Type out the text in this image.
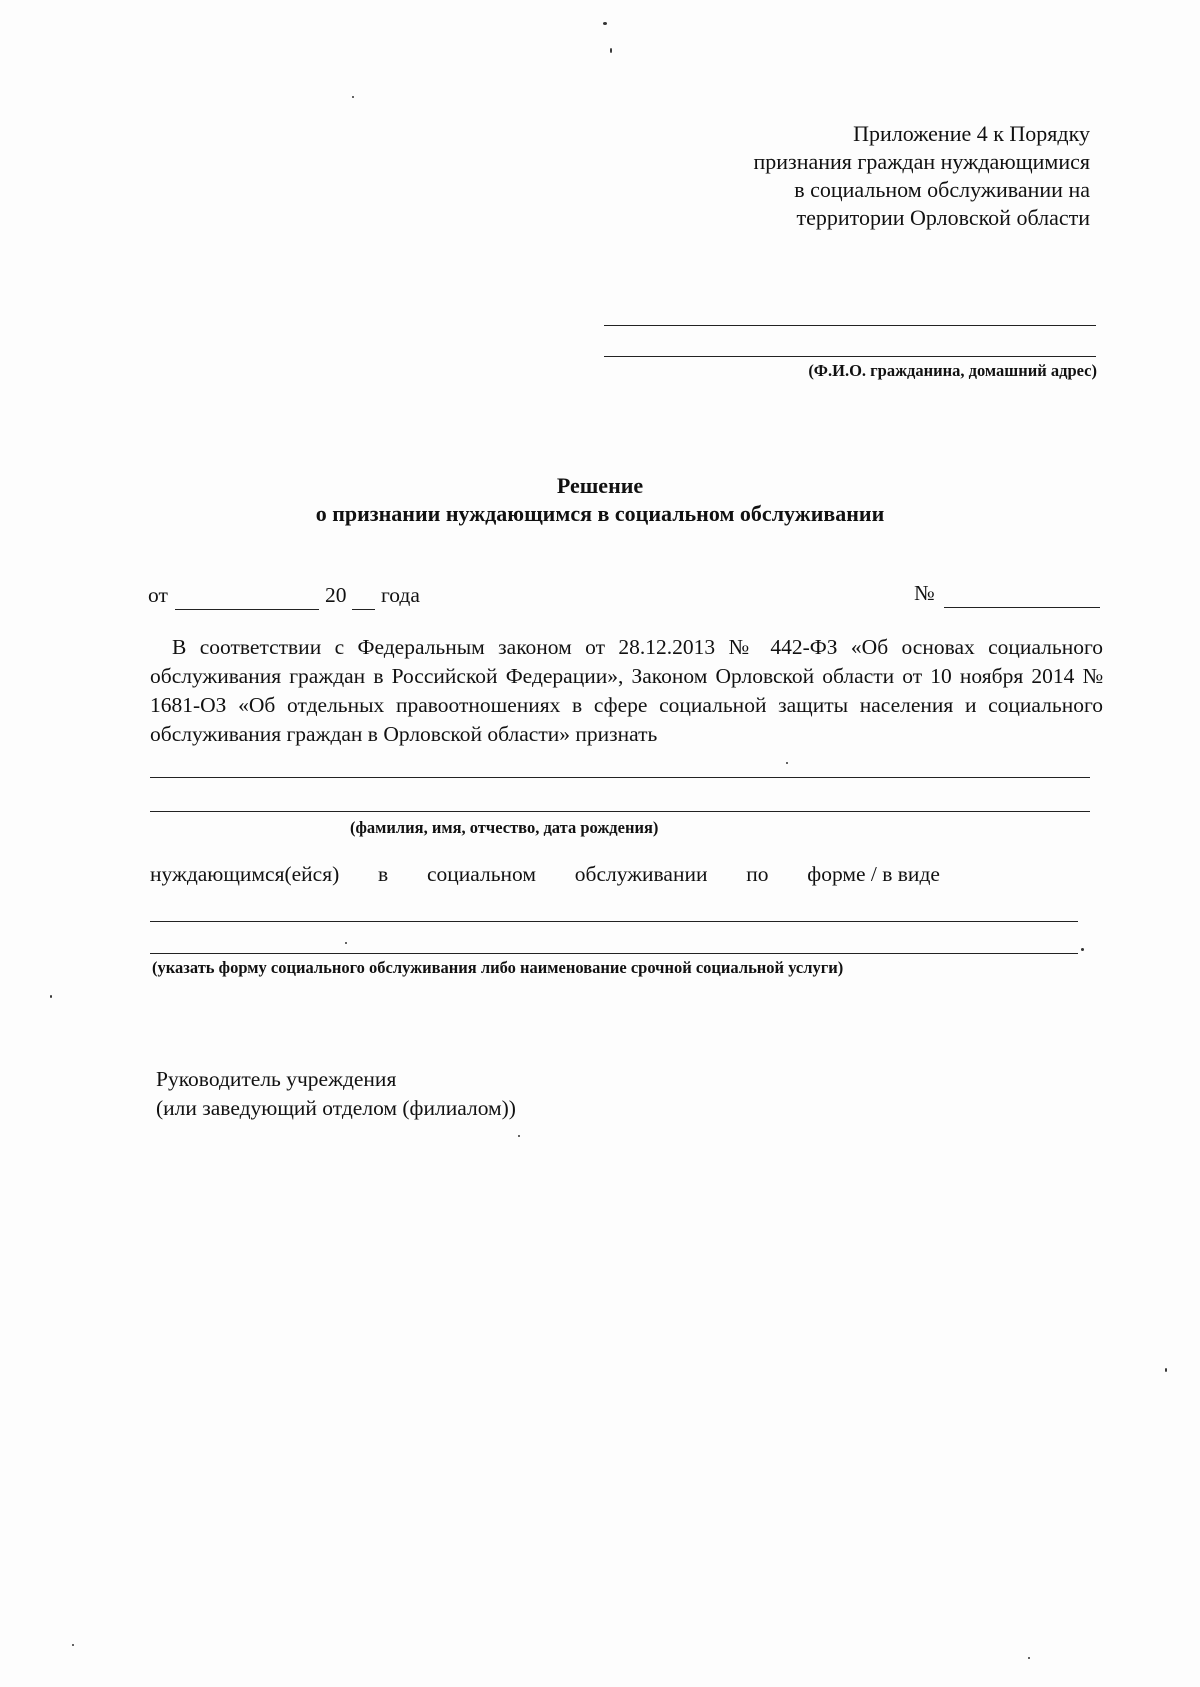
Приложение 4 к Порядку
признания граждан нуждающимися
в социальном обслуживании на
территории Орловской области
(Ф.И.О. гражданина, домашний адрес)
Решение
о признании нуждающимся в социальном обслуживании
от	20 года	№

В соответствии с Федеральным законом от 28.12.2013 № 442-ФЗ «Об основах социального обслуживания граждан в Российской Федерации», Законом Орловской области от 10 ноября 2014 № 1681-ОЗ «Об отдельных правоотношениях в сфере социальной защиты населения и социального обслуживания граждан в Орловской области» признать

(фамилия, имя, отчество, дата рождения)
нуждающимся(ейся) в социальном обслуживании по форме / в виде
(указать форму социального обслуживания либо наименование срочной социальной услуги)
Руководитель учреждения
(или заведующий отделом (филиалом))
